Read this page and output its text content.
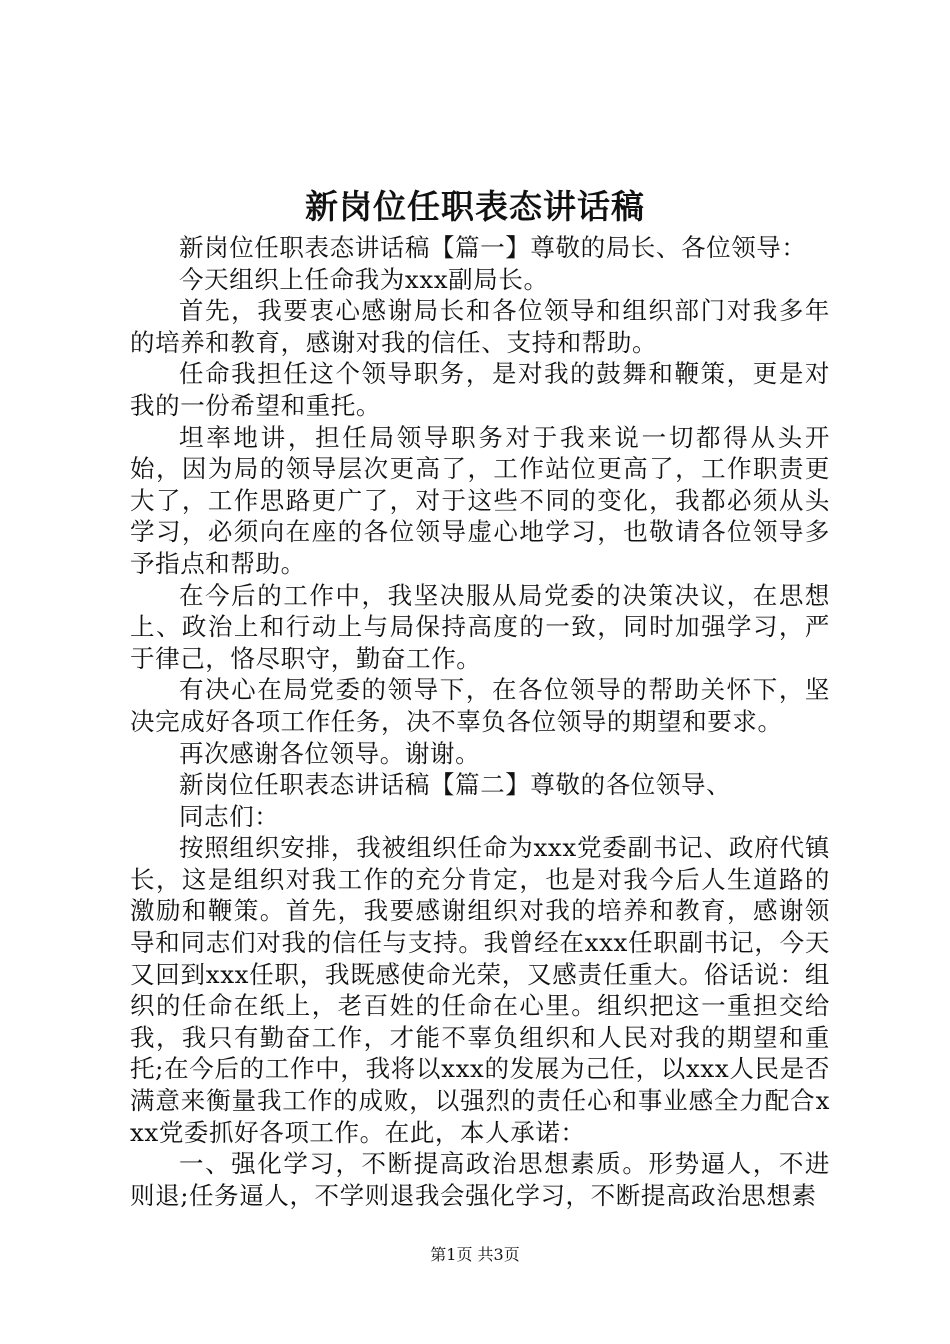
新岗位任职表态讲话稿

新岗位任职表态讲话稿【篇一】尊敬的局长、各位领导：

今天组织上任命我为xxx副局长。

首先，我要衷心感谢局长和各位领导和组织部门对我多年的培养和教育，感谢对我的信任、支持和帮助。

任命我担任这个领导职务，是对我的鼓舞和鞭策，更是对我的一份希望和重托。

坦率地讲，担任局领导职务对于我来说一切都得从头开始，因为局的领导层次更高了，工作站位更高了，工作职责更大了，工作思路更广了，对于这些不同的变化，我都必须从头学习，必须向在座的各位领导虚心地学习，也敬请各位领导多予指点和帮助。

在今后的工作中，我坚决服从局党委的决策决议，在思想上、政治上和行动上与局保持高度的一致，同时加强学习，严于律己，恪尽职守，勤奋工作。

有决心在局党委的领导下，在各位领导的帮助关怀下，坚决完成好各项工作任务，决不辜负各位领导的期望和要求。

再次感谢各位领导。谢谢。

新岗位任职表态讲话稿【篇二】尊敬的各位领导、

同志们：

按照组织安排，我被组织任命为xxx党委副书记、政府代镇长，这是组织对我工作的充分肯定，也是对我今后人生道路的激励和鞭策。首先，我要感谢组织对我的培养和教育，感谢领导和同志们对我的信任与支持。我曾经在xxx任职副书记，今天又回到xxx任职，我既感使命光荣，又感责任重大。俗话说：组织的任命在纸上，老百姓的任命在心里。组织把这一重担交给我，我只有勤奋工作，才能不辜负组织和人民对我的期望和重托;在今后的工作中，我将以xxx的发展为己任，以xxx人民是否满意来衡量我工作的成败，以强烈的责任心和事业感全力配合xxx党委抓好各项工作。在此，本人承诺：

一、强化学习，不断提高政治思想素质。形势逼人，不进则退;任务逼人，不学则退我会强化学习，不断提高政治思想素

第1页 共3页
